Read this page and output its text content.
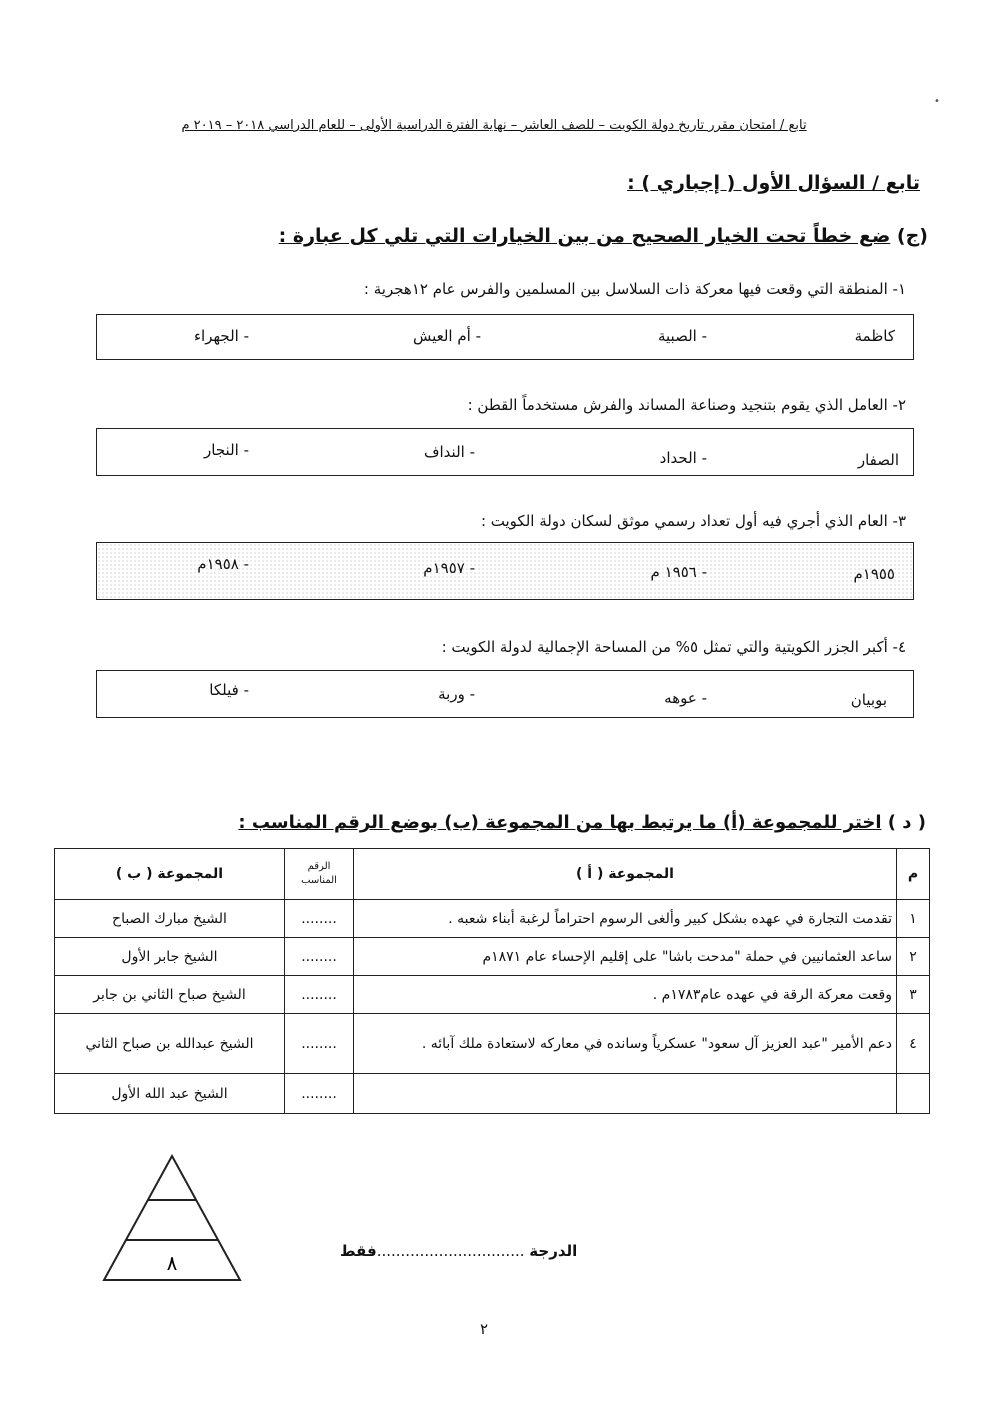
•
تابع / امتحان مقرر تاريخ دولة الكويت – للصف العاشر – نهاية الفترة الدراسية الأولى – للعام الدراسي ٢٠١٨ – ٢٠١٩ م
تابع / السؤال الأول ( إجباري ) :
(ج) ضع خطاً تحت الخيار الصحيح من بين الخيارات التي تلي كل عبارة :
١- المنطقة التي وقعت فيها معركة ذات السلاسل بين المسلمين والفرس عام ١٢هجرية :
كاظمة
- الصبية
- أم العيش
- الجهراء
٢- العامل الذي يقوم بتنجيد وصناعة المساند والفرش مستخدماً القطن :
الصفار
- الحداد
- النداف
- النجار
٣- العام الذي أجري فيه أول تعداد رسمي موثق لسكان دولة الكويت :
١٩٥٥م
- ١٩٥٦ م
- ١٩٥٧م
- ١٩٥٨م
٤- أكبر الجزر الكويتية والتي تمثل ٥% من المساحة الإجمالية لدولة الكويت :
بوبيان
- عوهه
- وربة
- فيلكا
( د ) اختر للمجموعة (أ) ما يرتبط بها من المجموعة (ب) بوضع الرقم المناسب :
م	المجموعة ( أ )	الرقم المناسب	المجموعة ( ب )
١	تقدمت التجارة في عهده بشكل كبير وألغى الرسوم احتراماً لرغبة أبناء شعبه .	........	الشيخ مبارك الصباح
٢	ساعد العثمانيين في حملة "مدحت باشا" على إقليم الإحساء عام ١٨٧١م	........	الشيخ جابر الأول
٣	وقعت معركة الرقة في عهده عام١٧٨٣م .	........	الشيخ صباح الثاني بن جابر
٤	دعم الأمير "عبد العزيز آل سعود" عسكرياً وسانده في معاركه لاستعادة ملك آبائه .	........	الشيخ عبدالله بن صباح الثاني
		........	الشيخ عبد الله الأول
٨	الدرجة ...............................فقط
٢
